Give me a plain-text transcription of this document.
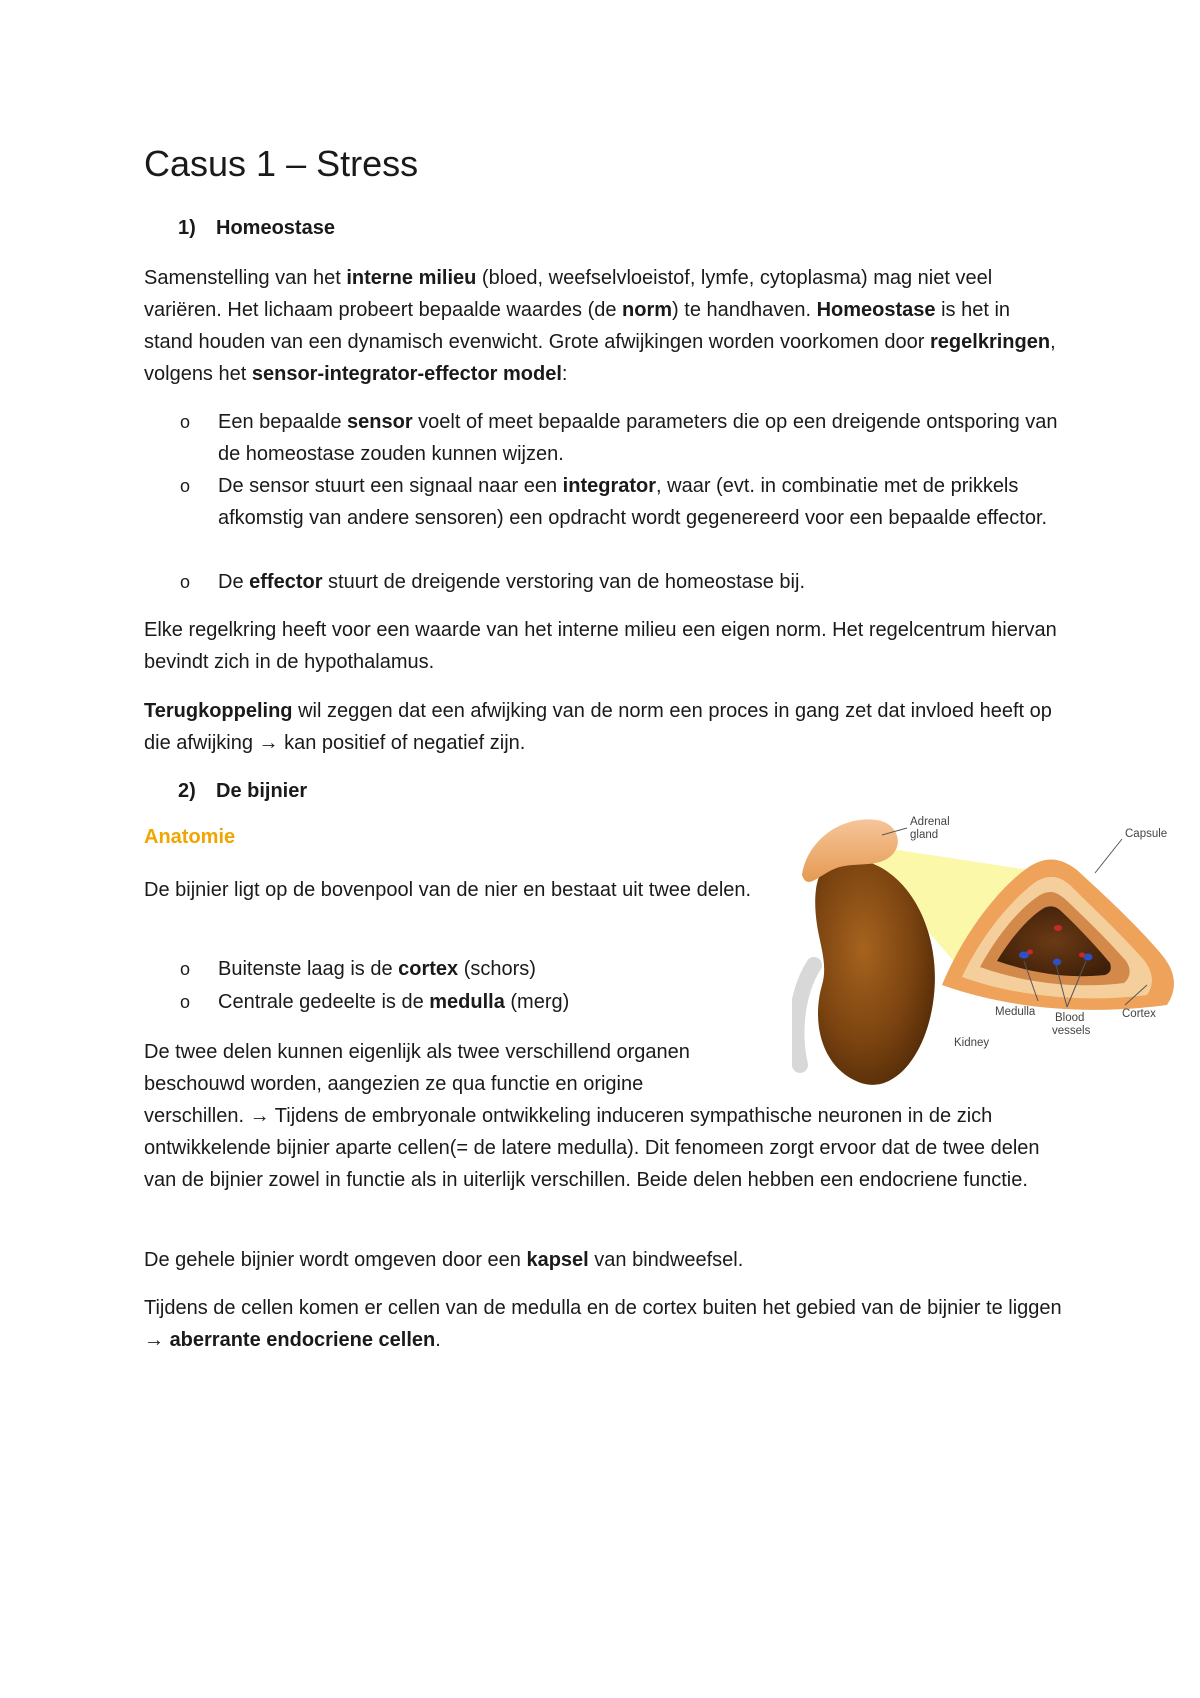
Casus 1 – Stress

1) Homeostase

Samenstelling van het interne milieu (bloed, weefselvloeistof, lymfe, cytoplasma) mag niet veel variëren. Het lichaam probeert bepaalde waardes (de norm) te handhaven. Homeostase is het in stand houden van een dynamisch evenwicht. Grote afwijkingen worden voorkomen door regelkringen, volgens het sensor-integrator-effector model:

o Een bepaalde sensor voelt of meet bepaalde parameters die op een dreigende ontsporing van de homeostase zouden kunnen wijzen.
o De sensor stuurt een signaal naar een integrator, waar (evt. in combinatie met de prikkels afkomstig van andere sensoren) een opdracht wordt gegenereerd voor een bepaalde effector.
o De effector stuurt de dreigende verstoring van de homeostase bij.

Elke regelkring heeft voor een waarde van het interne milieu een eigen norm. Het regelcentrum hiervan bevindt zich in de hypothalamus.

Terugkoppeling wil zeggen dat een afwijking van de norm een proces in gang zet dat invloed heeft op die afwijking → kan positief of negatief zijn.

2) De bijnier

Anatomie

De bijnier ligt op de bovenpool van de nier en bestaat uit twee delen.

o Buitenste laag is de cortex (schors)
o Centrale gedeelte is de medulla (merg)
De twee delen kunnen eigenlijk als twee verschillend organen
beschouwd worden, aangezien ze qua functie en origine
verschillen. → Tijdens de embryonale ontwikkeling induceren sympathische neuronen in de zich ontwikkelende bijnier aparte cellen(= de latere medulla). Dit fenomeen zorgt ervoor dat de twee delen van de bijnier zowel in functie als in uiterlijk verschillen. Beide delen hebben een endocriene functie.

De gehele bijnier wordt omgeven door een kapsel van bindweefsel.

Tijdens de cellen komen er cellen van de medulla en de cortex buiten het gebied van de bijnier te liggen → aberrante endocriene cellen.

Adrenal
gland	Capsule
Medulla Blood
vessels
Cortex
Kidney
